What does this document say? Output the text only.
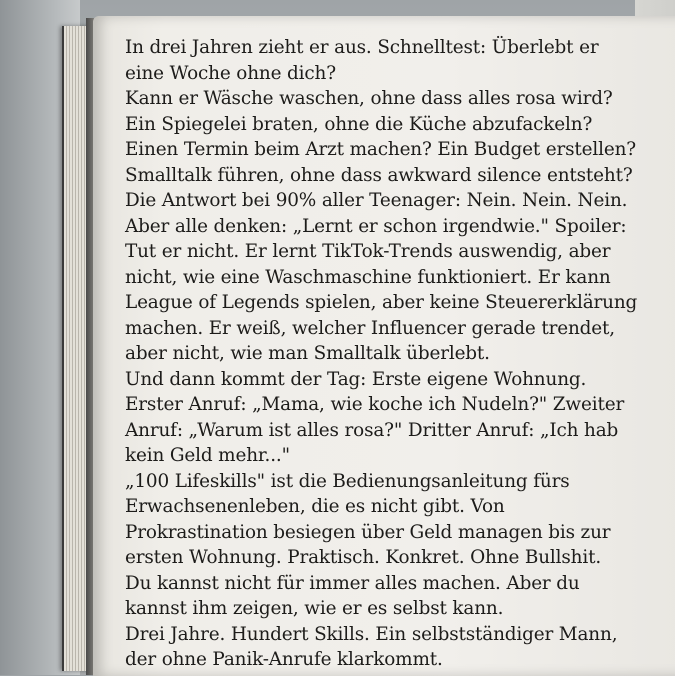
In drei Jahren zieht er aus. Schnelltest: Überlebt er
eine Woche ohne dich?
Kann er Wäsche waschen, ohne dass alles rosa wird?
Ein Spiegelei braten, ohne die Küche abzufackeln?
Einen Termin beim Arzt machen? Ein Budget erstellen?
Smalltalk führen, ohne dass awkward silence entsteht?
Die Antwort bei 90% aller Teenager: Nein. Nein. Nein.
Aber alle denken: „Lernt er schon irgendwie." Spoiler:
Tut er nicht. Er lernt TikTok-Trends auswendig, aber
nicht, wie eine Waschmaschine funktioniert. Er kann
League of Legends spielen, aber keine Steuererklärung
machen. Er weiß, welcher Influencer gerade trendet,
aber nicht, wie man Smalltalk überlebt.
Und dann kommt der Tag: Erste eigene Wohnung.
Erster Anruf: „Mama, wie koche ich Nudeln?" Zweiter
Anruf: „Warum ist alles rosa?" Dritter Anruf: „Ich hab
kein Geld mehr..."
„100 Lifeskills" ist die Bedienungsanleitung fürs
Erwachsenenleben, die es nicht gibt. Von
Prokrastination besiegen über Geld managen bis zur
ersten Wohnung. Praktisch. Konkret. Ohne Bullshit.
Du kannst nicht für immer alles machen. Aber du
kannst ihm zeigen, wie er es selbst kann.
Drei Jahre. Hundert Skills. Ein selbstständiger Mann,
der ohne Panik-Anrufe klarkommt.
